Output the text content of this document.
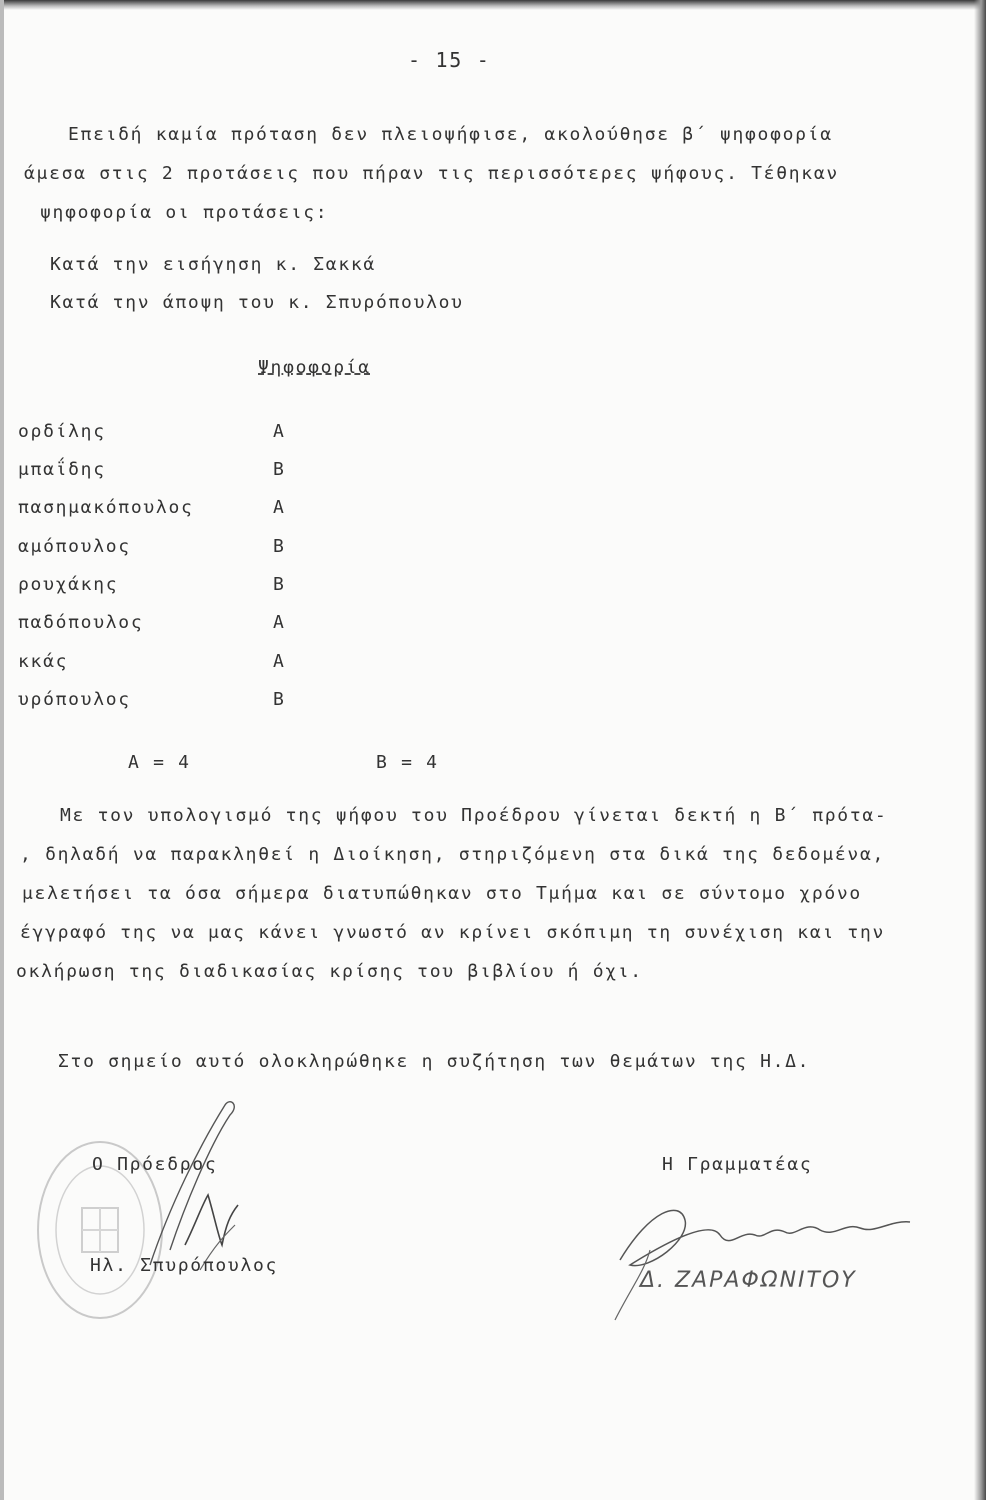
- 15 -
Επειδή καμία πρόταση δεν πλειοψήφισε, ακολούθησε β΄ ψηφοφορία
άμεσα στις 2 προτάσεις που πήραν τις περισσότερες ψήφους. Τέθηκαν
ψηφοφορία οι προτάσεις:
Κατά την εισήγηση κ. Σακκά
Κατά την άποψη του κ. Σπυρόπουλου
Ψηφοφορία
ορδίλης	Α
μπαΐδης	Β
πασημακόπουλος	Α
αμόπουλος	Β
ρουχάκης	Β
παδόπουλος	Α
κκάς	Α
υρόπουλος	Β
Α = 4	Β = 4
Με τον υπολογισμό της ψήφου του Προέδρου γίνεται δεκτή η Β΄ πρότα-
, δηλαδή να παρακληθεί η Διοίκηση, στηριζόμενη στα δικά της δεδομένα,
μελετήσει τα όσα σήμερα διατυπώθηκαν στο Τμήμα και σε σύντομο χρόνο
έγγραφό της να μας κάνει γνωστό αν κρίνει σκόπιμη τη συνέχιση και την
οκλήρωση της διαδικασίας κρίσης του βιβλίου ή όχι.
Στο σημείο αυτό ολοκληρώθηκε η συζήτηση των θεμάτων της Η.Δ.
Ο Πρόεδρος
Ηλ. Σπυρόπουλος
Η Γραμματέας
Δ. ΖΑΡΑΦΩΝΙΤΟΥ
